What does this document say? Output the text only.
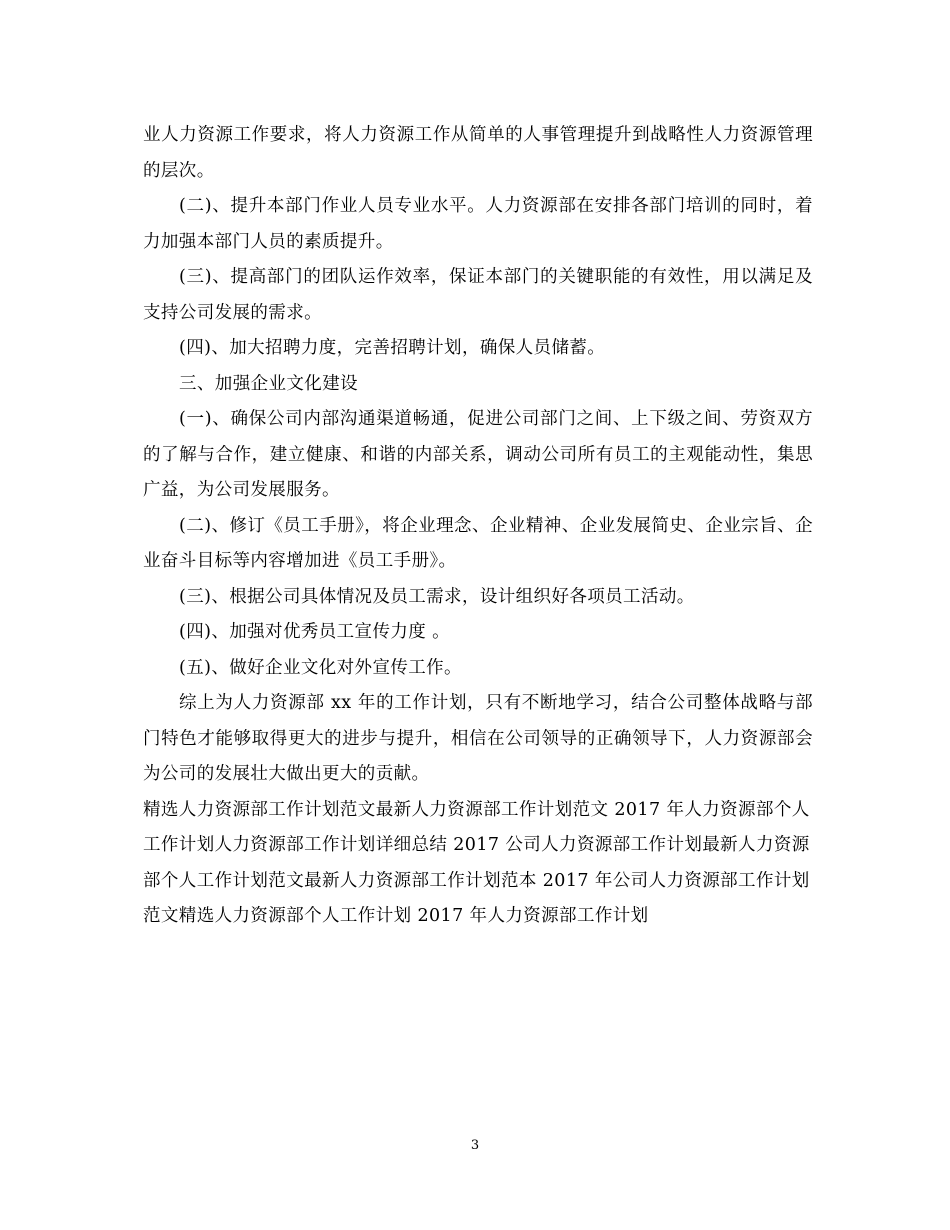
业人力资源工作要求，将人力资源工作从简单的人事管理提升到战略性人力资源管理的层次。

(二)、提升本部门作业人员专业水平。人力资源部在安排各部门培训的同时，着力加强本部门人员的素质提升。

(三)、提高部门的团队运作效率，保证本部门的关键职能的有效性，用以满足及支持公司发展的需求。

(四)、加大招聘力度，完善招聘计划，确保人员储蓄。

三、加强企业文化建设

(一)、确保公司内部沟通渠道畅通，促进公司部门之间、上下级之间、劳资双方的了解与合作，建立健康、和谐的内部关系，调动公司所有员工的主观能动性，集思广益，为公司发展服务。

(二)、修订《员工手册》，将企业理念、企业精神、企业发展简史、企业宗旨、企业奋斗目标等内容增加进《员工手册》。

(三)、根据公司具体情况及员工需求，设计组织好各项员工活动。

(四)、加强对优秀员工宣传力度 。

(五)、做好企业文化对外宣传工作。

综上为人力资源部 xx 年的工作计划，只有不断地学习，结合公司整体战略与部门特色才能够取得更大的进步与提升，相信在公司领导的正确领导下，人力资源部会为公司的发展壮大做出更大的贡献。

精选人力资源部工作计划范文最新人力资源部工作计划范文 2017 年人力资源部个人工作计划人力资源部工作计划详细总结 2017 公司人力资源部工作计划最新人力资源部个人工作计划范文最新人力资源部工作计划范本 2017 年公司人力资源部工作计划范文精选人力资源部个人工作计划 2017 年人力资源部工作计划

3
